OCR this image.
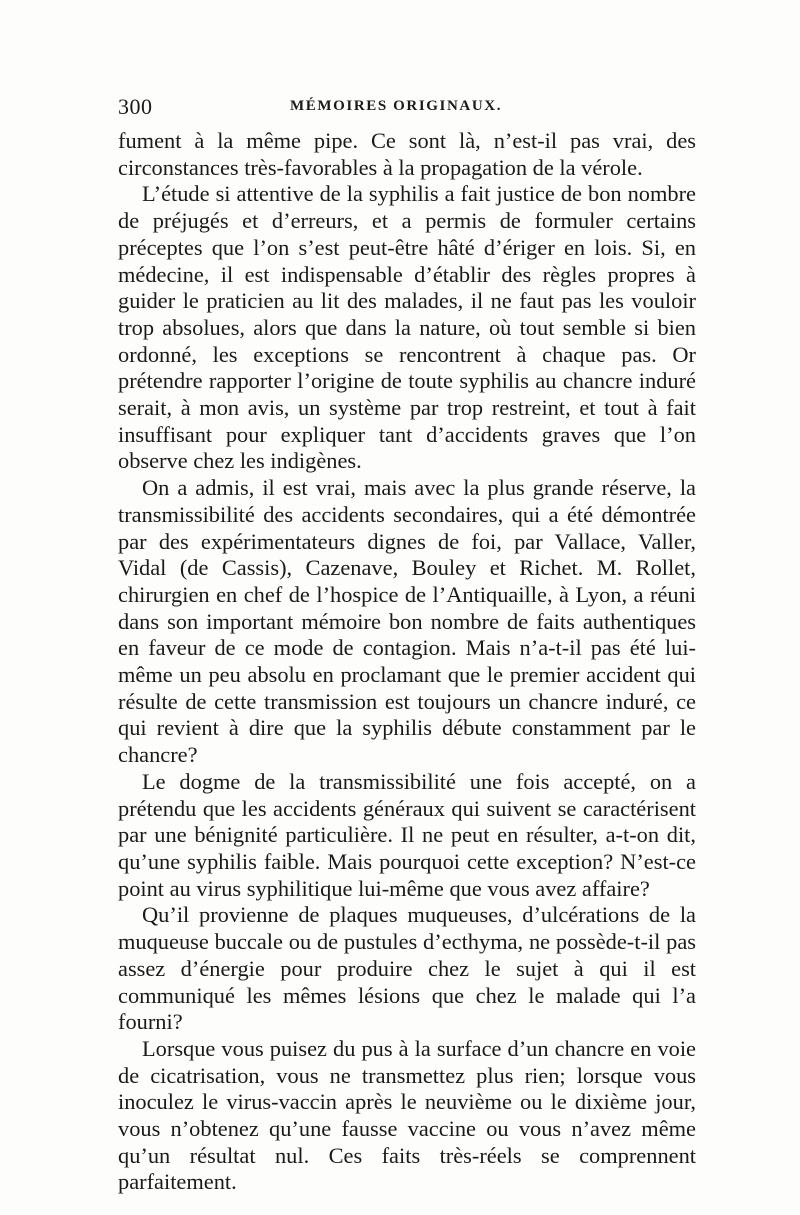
300	MÉMOIRES ORIGINAUX.

fument à la même pipe. Ce sont là, n’est-il pas vrai, des circonstances très-favorables à la propagation de la vérole.

L’étude si attentive de la syphilis a fait justice de bon nombre de préjugés et d’erreurs, et a permis de formuler certains préceptes que l’on s’est peut-être hâté d’ériger en lois. Si, en médecine, il est indispensable d’établir des règles propres à guider le praticien au lit des malades, il ne faut pas les vouloir trop absolues, alors que dans la nature, où tout semble si bien ordonné, les exceptions se rencontrent à chaque pas. Or prétendre rapporter l’origine de toute syphilis au chancre induré serait, à mon avis, un système par trop restreint, et tout à fait insuffisant pour expliquer tant d’accidents graves que l’on observe chez les indigènes.

On a admis, il est vrai, mais avec la plus grande réserve, la transmissibilité des accidents secondaires, qui a été démontrée par des expérimentateurs dignes de foi, par Vallace, Valler, Vidal (de Cassis), Cazenave, Bouley et Richet. M. Rollet, chirurgien en chef de l’hospice de l’Antiquaille, à Lyon, a réuni dans son important mémoire bon nombre de faits authentiques en faveur de ce mode de contagion. Mais n’a-t-il pas été lui-même un peu absolu en proclamant que le premier accident qui résulte de cette transmission est toujours un chancre induré, ce qui revient à dire que la syphilis débute constamment par le chancre?

Le dogme de la transmissibilité une fois accepté, on a prétendu que les accidents généraux qui suivent se caractérisent par une bénignité particulière. Il ne peut en résulter, a-t-on dit, qu’une syphilis faible. Mais pourquoi cette exception? N’est-ce point au virus syphilitique lui-même que vous avez affaire?

Qu’il provienne de plaques muqueuses, d’ulcérations de la muqueuse buccale ou de pustules d’ecthyma, ne possède-t-il pas assez d’énergie pour produire chez le sujet à qui il est communiqué les mêmes lésions que chez le malade qui l’a fourni?

Lorsque vous puisez du pus à la surface d’un chancre en voie de cicatrisation, vous ne transmettez plus rien; lorsque vous inoculez le virus-vaccin après le neuvième ou le dixième jour, vous n’obtenez qu’une fausse vaccine ou vous n’avez même qu’un résultat nul. Ces faits très-réels se comprennent parfaitement.
